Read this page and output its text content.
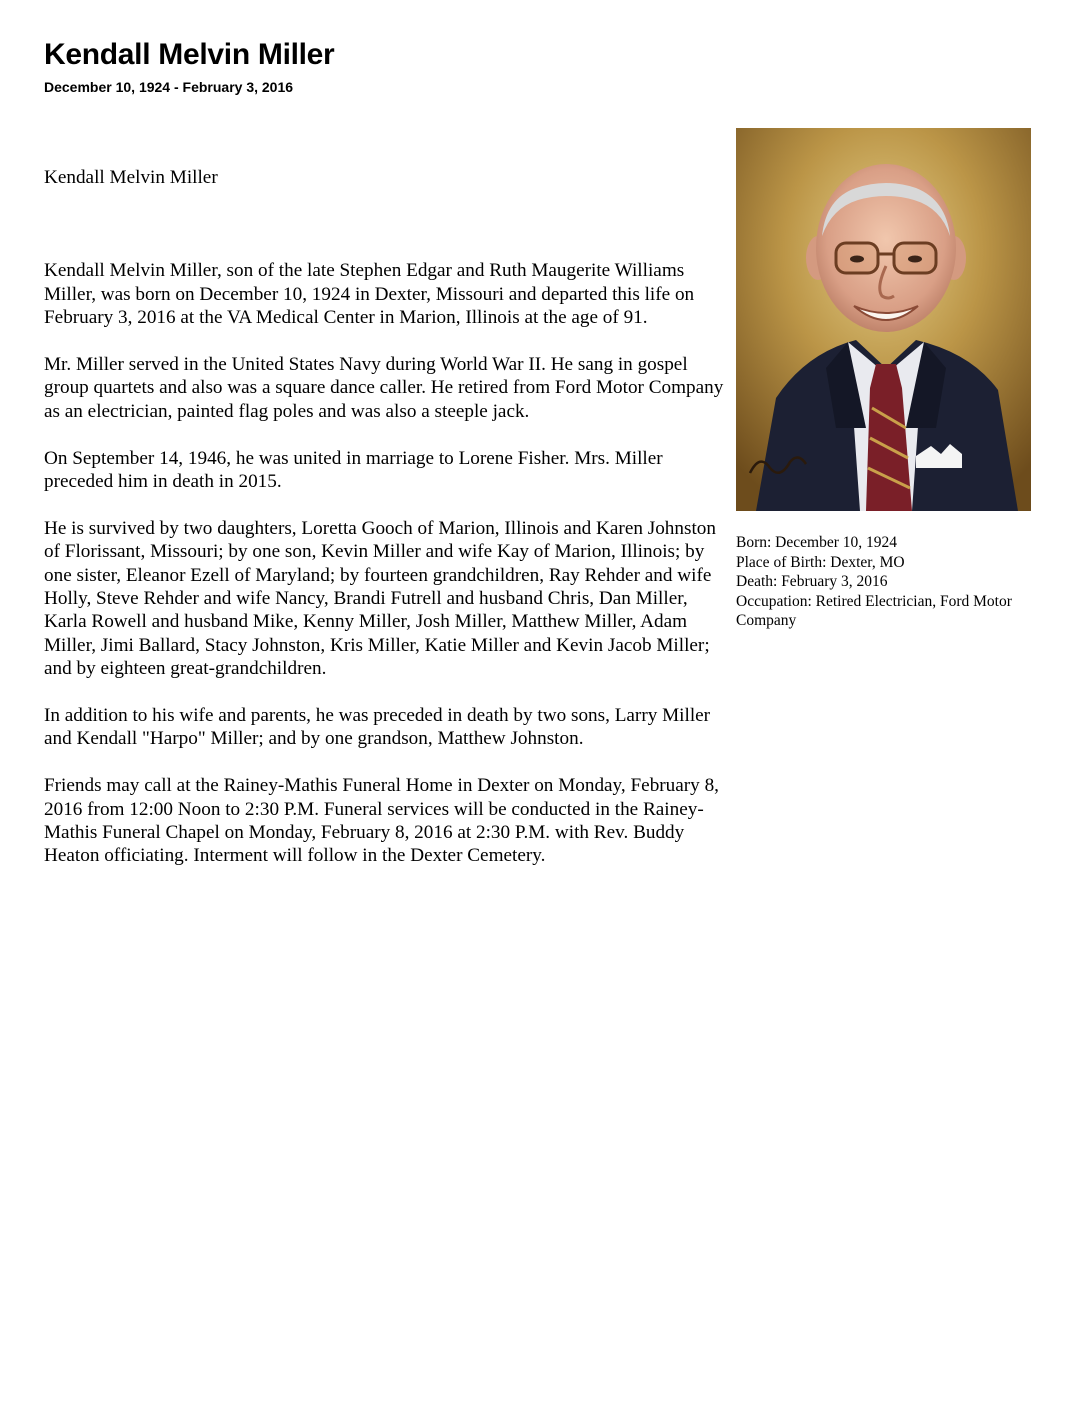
Kendall Melvin Miller
December 10, 1924 - February 3, 2016

Kendall Melvin Miller

Kendall Melvin Miller, son of the late Stephen Edgar and Ruth Maugerite Williams Miller, was born on December 10, 1924 in Dexter, Missouri and departed this life on February 3, 2016 at the VA Medical Center in Marion, Illinois at the age of 91.

Mr. Miller served in the United States Navy during World War II. He sang in gospel group quartets and also was a square dance caller. He retired from Ford Motor Company as an electrician, painted flag poles and was also a steeple jack.

On September 14, 1946, he was united in marriage to Lorene Fisher. Mrs. Miller preceded him in death in 2015.

He is survived by two daughters, Loretta Gooch of Marion, Illinois and Karen Johnston of Florissant, Missouri; by one son, Kevin Miller and wife Kay of Marion, Illinois; by one sister, Eleanor Ezell of Maryland; by fourteen grandchildren, Ray Rehder and wife Holly, Steve Rehder and wife Nancy, Brandi Futrell and husband Chris, Dan Miller, Karla Rowell and husband Mike, Kenny Miller, Josh Miller, Matthew Miller, Adam Miller, Jimi Ballard, Stacy Johnston, Kris Miller, Katie Miller and Kevin Jacob Miller; and by eighteen great-grandchildren.

In addition to his wife and parents, he was preceded in death by two sons, Larry Miller and Kendall "Harpo" Miller; and by one grandson, Matthew Johnston.

Friends may call at the Rainey-Mathis Funeral Home in Dexter on Monday, February 8, 2016 from 12:00 Noon to 2:30 P.M. Funeral services will be conducted in the Rainey-Mathis Funeral Chapel on Monday, February 8, 2016 at 2:30 P.M. with Rev. Buddy Heaton officiating. Interment will follow in the Dexter Cemetery.

Born: December 10, 1924
Place of Birth: Dexter, MO
Death: February 3, 2016
Occupation: Retired Electrician, Ford Motor Company
